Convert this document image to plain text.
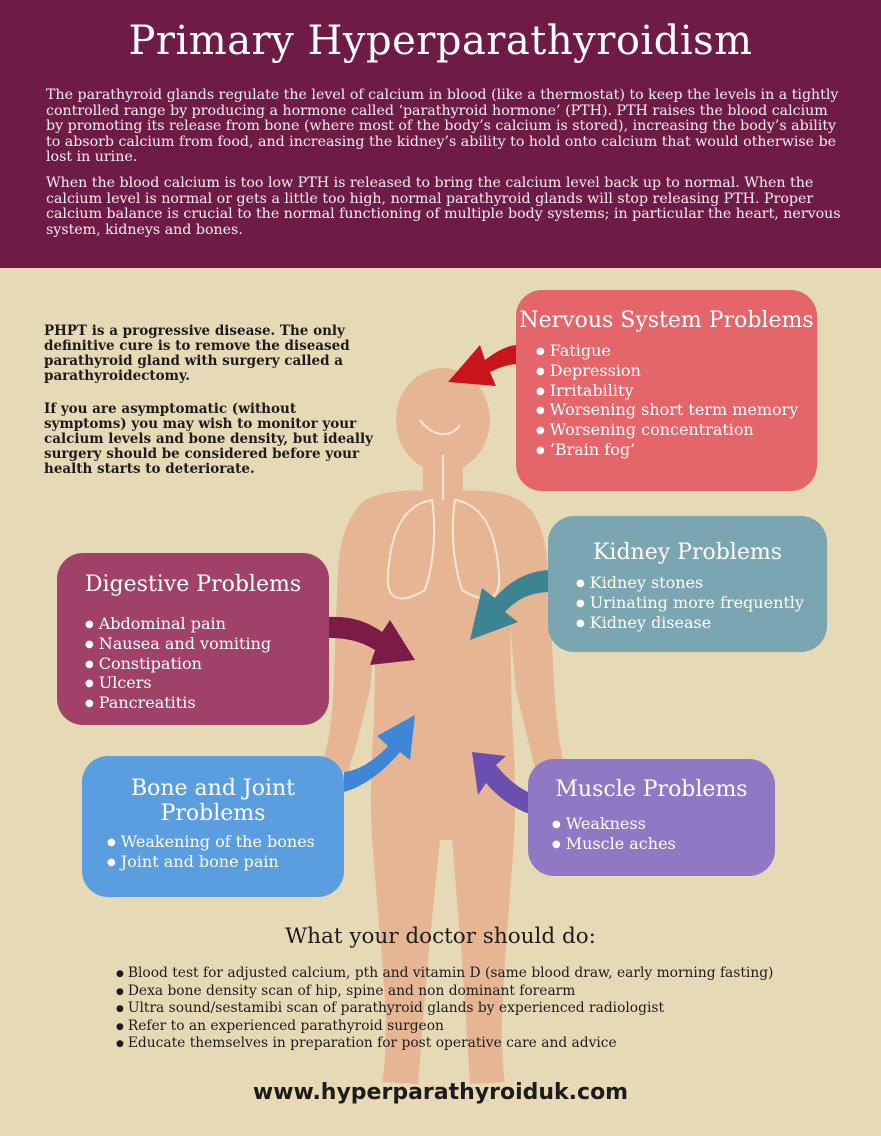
Primary Hyperparathyroidism
The parathyroid glands regulate the level of calcium in blood (like a thermostat) to keep the levels in a tightly controlled range by producing a hormone called ‘parathyroid hormone’ (PTH). PTH raises the blood calcium by promoting its release from bone (where most of the body’s calcium is stored), increasing the body’s ability to absorb calcium from food, and increasing the kidney’s ability to hold onto calcium that would otherwise be lost in urine.
When the blood calcium is too low PTH is released to bring the calcium level back up to normal. When the calcium level is normal or gets a little too high, normal parathyroid glands will stop releasing PTH. Proper calcium balance is crucial to the normal functioning of multiple body systems; in particular the heart, nervous system, kidneys and bones.
PHPT is a progressive disease. The only definitive cure is to remove the diseased parathyroid gland with surgery called a parathyroidectomy.
If you are asymptomatic (without symptoms) you may wish to monitor your calcium levels and bone density, but ideally surgery should be considered before your health starts to deteriorate.
Nervous System Problems
● Fatigue
● Depression
● Irritability
● Worsening short term memory
● Worsening concentration
● ‘Brain fog’
Kidney Problems
● Kidney stones
● Urinating more frequently
● Kidney disease
Digestive Problems
● Abdominal pain
● Nausea and vomiting
● Constipation
● Ulcers
● Pancreatitis
Bone and Joint
Problems
● Weakening of the bones
● Joint and bone pain
Muscle Problems
● Weakness
● Muscle aches
What your doctor should do:
● Blood test for adjusted calcium, pth and vitamin D (same blood draw, early morning fasting)
● Dexa bone density scan of hip, spine and non dominant forearm
● Ultra sound/sestamibi scan of parathyroid glands by experienced radiologist
● Refer to an experienced parathyroid surgeon
● Educate themselves in preparation for post operative care and advice
www.hyperparathyroiduk.com
